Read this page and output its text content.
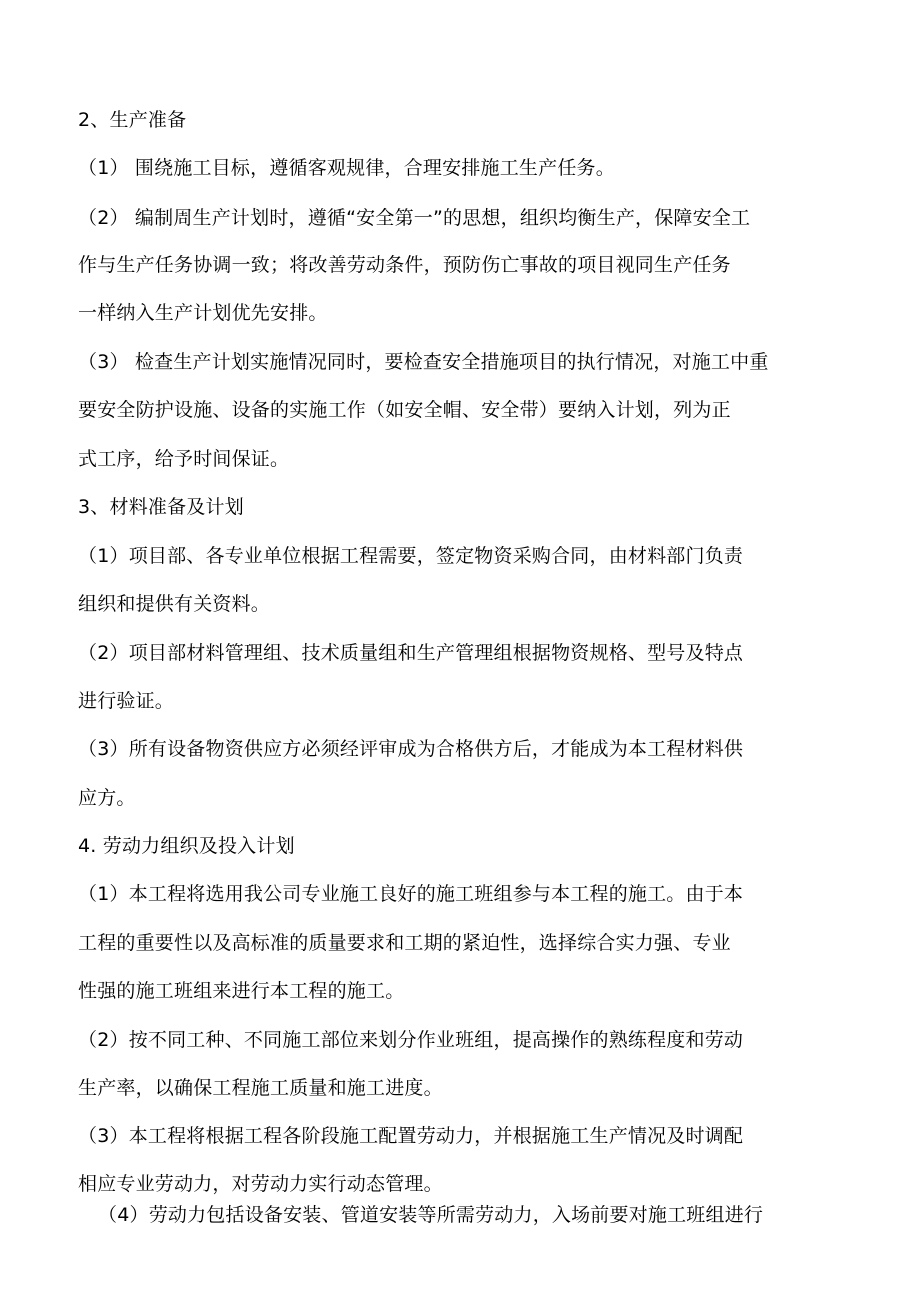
2、生产准备
（1） 围绕施工目标，遵循客观规律，合理安排施工生产任务。
（2） 编制周生产计划时，遵循“安全第一”的思想，组织均衡生产，保障安全工
作与生产任务协调一致；将改善劳动条件，预防伤亡事故的项目视同生产任务
一样纳入生产计划优先安排。
（3） 检查生产计划实施情况同时，要检查安全措施项目的执行情况，对施工中重
要安全防护设施、设备的实施工作（如安全帽、安全带）要纳入计划，列为正
式工序，给予时间保证。
3、材料准备及计划
（1）项目部、各专业单位根据工程需要，签定物资采购合同，由材料部门负责
组织和提供有关资料。
（2）项目部材料管理组、技术质量组和生产管理组根据物资规格、型号及特点
进行验证。
（3）所有设备物资供应方必须经评审成为合格供方后，才能成为本工程材料供
应方。
4. 劳动力组织及投入计划
（1）本工程将选用我公司专业施工良好的施工班组参与本工程的施工。由于本
工程的重要性以及高标准的质量要求和工期的紧迫性，选择综合实力强、专业
性强的施工班组来进行本工程的施工。
（2）按不同工种、不同施工部位来划分作业班组，提高操作的熟练程度和劳动
生产率，以确保工程施工质量和施工进度。
（3）本工程将根据工程各阶段施工配置劳动力，并根据施工生产情况及时调配
相应专业劳动力，对劳动力实行动态管理。
（4）劳动力包括设备安装、管道安装等所需劳动力，入场前要对施工班组进行
